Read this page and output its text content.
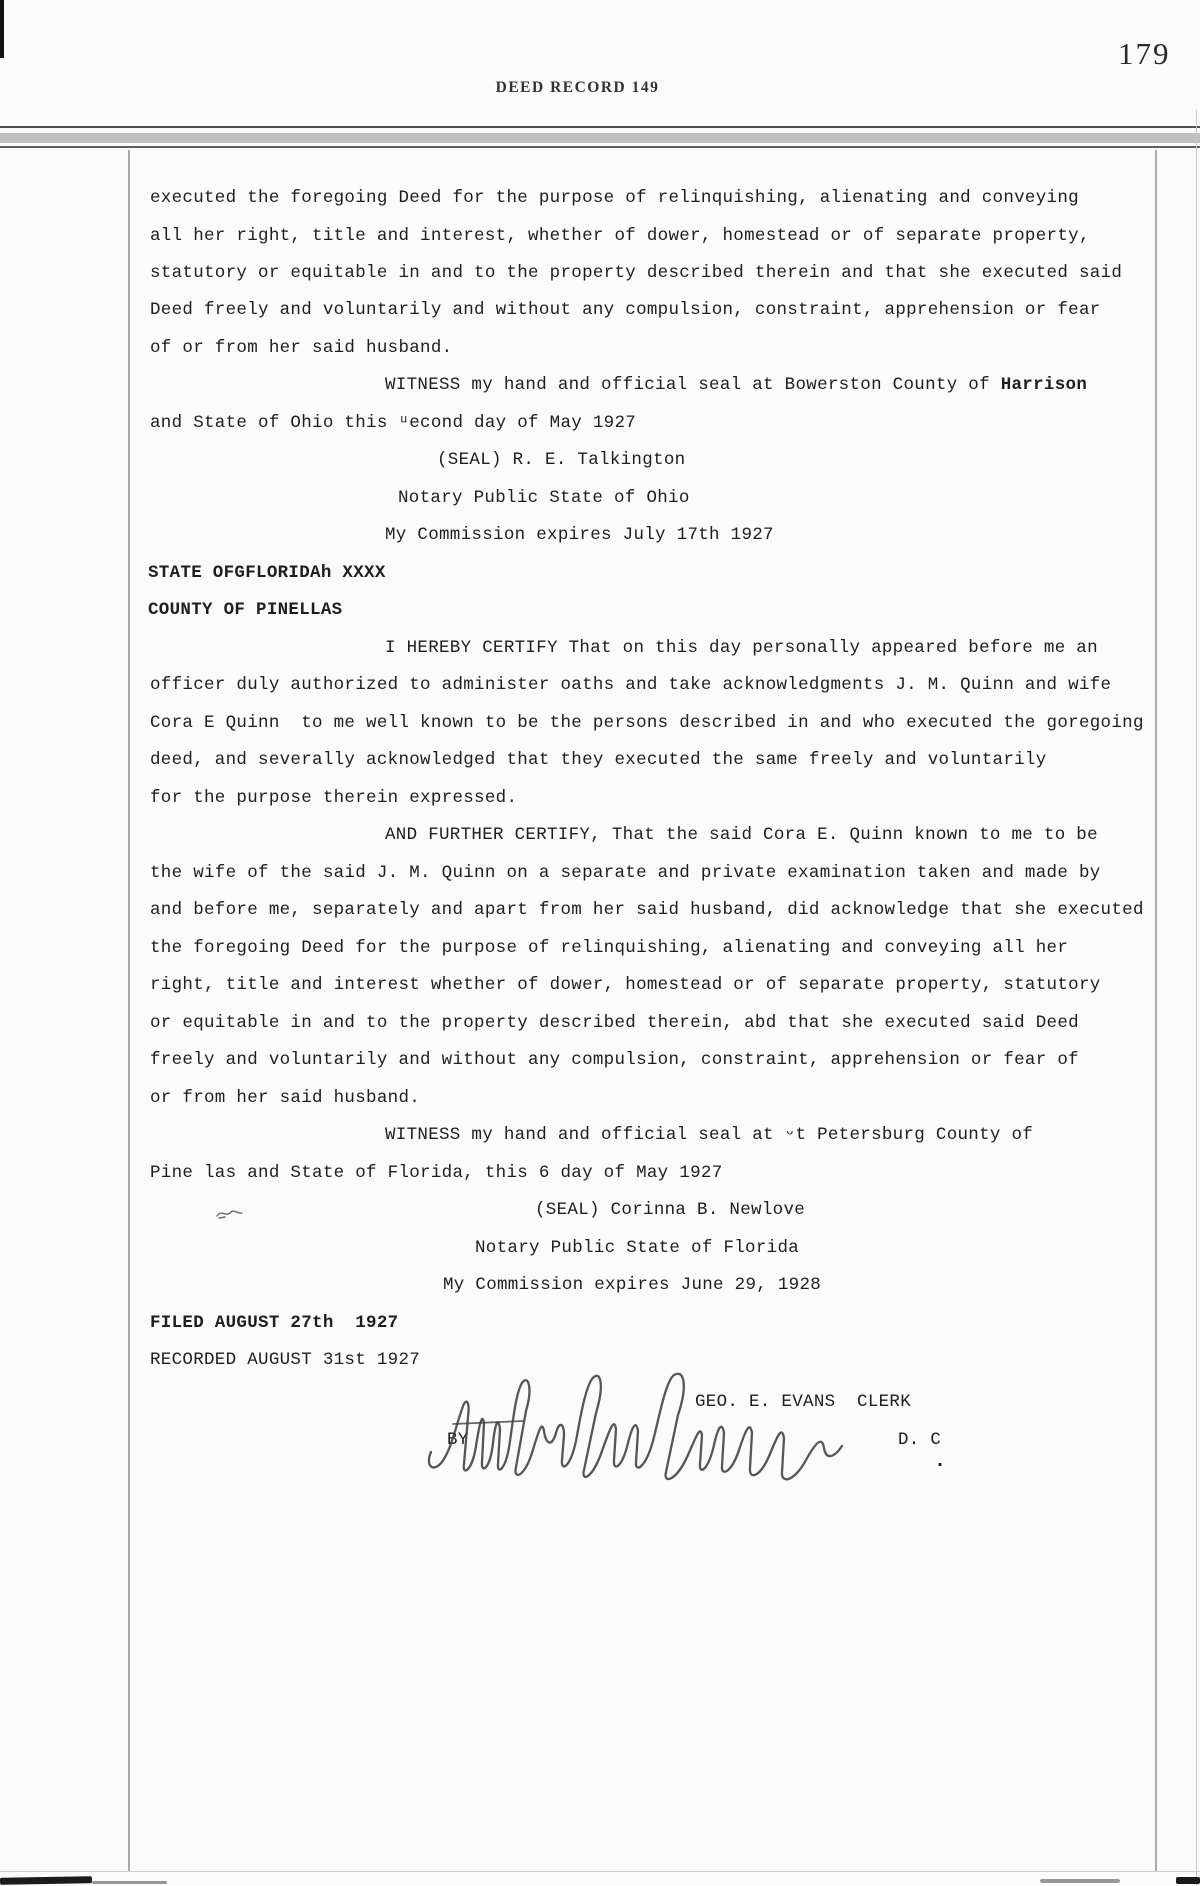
179
DEED RECORD 149
executed the foregoing Deed for the purpose of relinquishing, alienating and conveying
all her right, title and interest, whether of dower, homestead or of separate property,
statutory or equitable in and to the property described therein and that she executed said
Deed freely and voluntarily and without any compulsion, constraint, apprehension or fear
of or from her said husband.
WITNESS my hand and official seal at Bowerston County of Harrison
and State of Ohio this ᵘecond day of May 1927
(SEAL) R. E. Talkington
Notary Public State of Ohio
My Commission expires July 17th 1927
STATE OFGFLORIDAh XXXX
COUNTY OF PINELLAS
I HEREBY CERTIFY That on this day personally appeared before me an
officer duly authorized to administer oaths and take acknowledgments J. M. Quinn and wife
Cora E Quinn  to me well known to be the persons described in and who executed the goregoing
deed, and severally acknowledged that they executed the same freely and voluntarily
for the purpose therein expressed.
AND FURTHER CERTIFY, That the said Cora E. Quinn known to me to be
the wife of the said J. M. Quinn on a separate and private examination taken and made by
and before me, separately and apart from her said husband, did acknowledge that she executed
the foregoing Deed for the purpose of relinquishing, alienating and conveying all her
right, title and interest whether of dower, homestead or of separate property, statutory
or equitable in and to the property described therein, abd that she executed said Deed
freely and voluntarily and without any compulsion, constraint, apprehension or fear of
or from her said husband.
WITNESS my hand and official seal at ᵕt Petersburg County of
Pine las and State of Florida, this 6 day of May 1927
(SEAL) Corinna B. Newlove
Notary Public State of Florida
My Commission expires June 29, 1928
FILED AUGUST 27th  1927
RECORDED AUGUST 31st 1927
GEO. E. EVANS  CLERK
BY	D. C
.
